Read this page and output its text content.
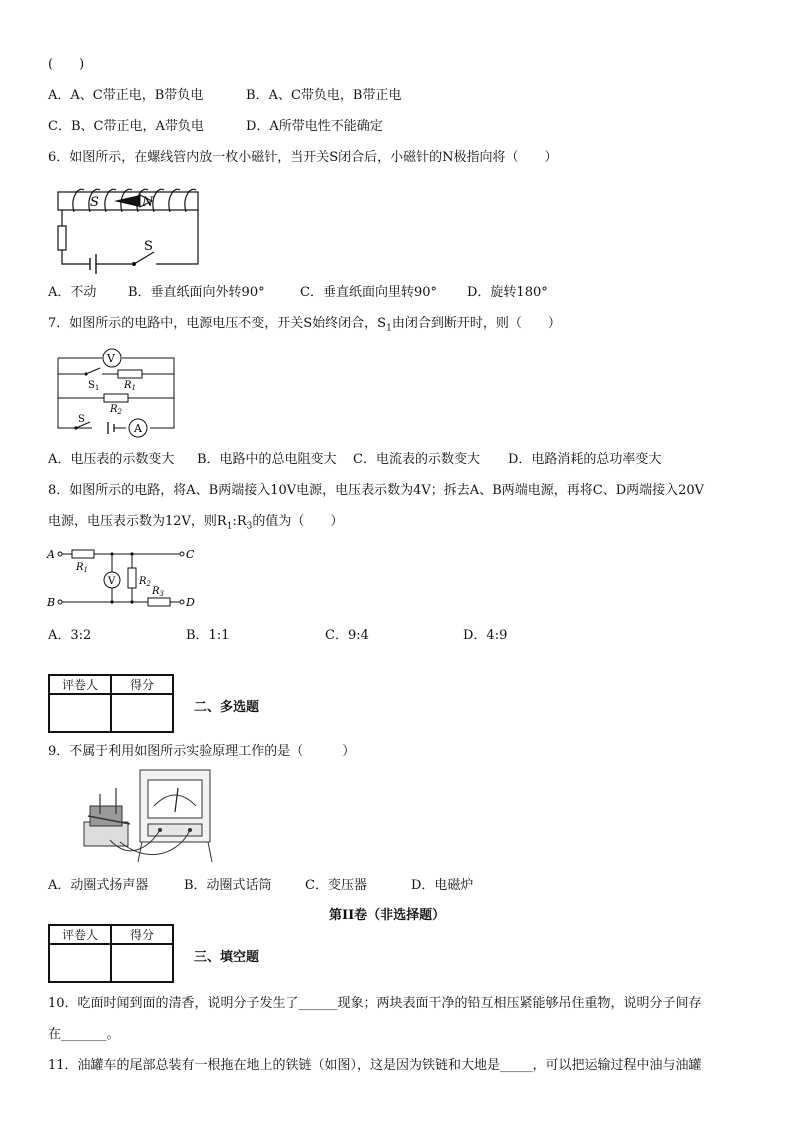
(　　)
A．A、C带正电，B带负电	B．A、C带负电，B带正电
C．B、C带正电，A带负电	D．A所带电性不能确定
6．如图所示，在螺线管内放一枚小磁针，当开关S闭合后，小磁针的N极指向将（　　）
S	N
S
A．不动 B．垂直纸面向外转90°	C．垂直纸面向里转90° D．旋转180°
7．如图所示的电路中，电源电压不变，开关S始终闭合，$S_1$由闭合到断开时，则（　　）
V
$S_1$ $R_1$
$R_2$
S
A
A．电压表的示数变大 B．电路中的总电阻变大 C．电流表的示数变大 D．电路消耗的总功率变大
8．如图所示的电路，将A、B两端接入10V电源，电压表示数为4V；拆去A、B两端电源，再将C、D两端接入20V
电源，电压表示数为12V，则$R_1:R_3$的值为（　　）
A
B
C
D
$R_1$
V $R_2$
$R_3$
A．3:2	B．1:1	C．9:4	D．4:9
评卷人	得分

二、多选题
9．不属于利用如图所示实验原理工作的是（　　　）
A．动圈式扬声器	B．动圈式话筒	C．变压器	D．电磁炉
第II卷（非选择题）
评卷人	得分

三、填空题
10．吃面时闻到面的清香，说明分子发生了______现象；两块表面干净的铅互相压紧能够吊住重物，说明分子间存
在_______。
11．油罐车的尾部总装有一根拖在地上的铁链（如图），这是因为铁链和大地是_____，可以把运输过程中油与油罐
